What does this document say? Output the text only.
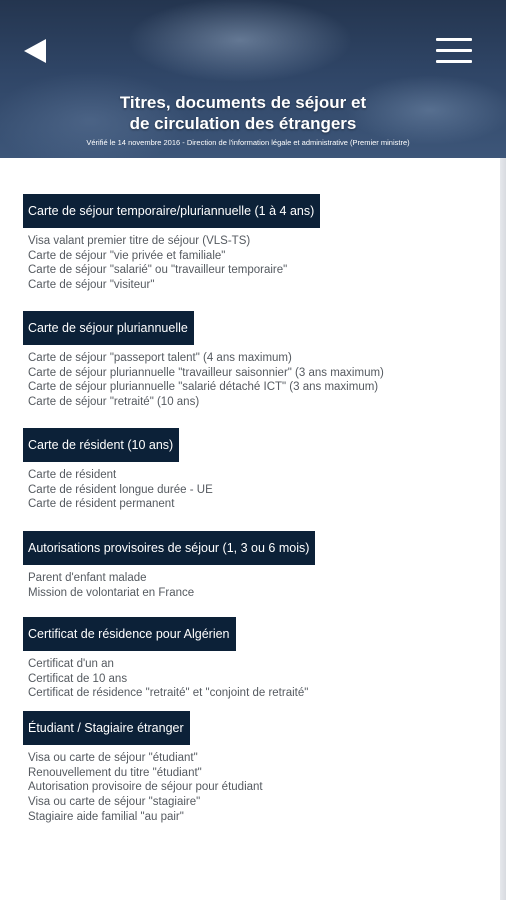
Titres, documents de séjour et
de circulation des étrangers
Vérifié le 14 novembre 2016 - Direction de l'information légale et administrative (Premier ministre)
Carte de séjour temporaire/pluriannuelle (1 à 4 ans)
Visa valant premier titre de séjour (VLS-TS)
Carte de séjour "vie privée et familiale"
Carte de séjour "salarié" ou "travailleur temporaire"
Carte de séjour "visiteur"
Carte de séjour pluriannuelle
Carte de séjour "passeport talent" (4 ans maximum)
Carte de séjour pluriannuelle "travailleur saisonnier" (3 ans maximum)
Carte de séjour pluriannuelle "salarié détaché ICT" (3 ans maximum)
Carte de séjour "retraité" (10 ans)
Carte de résident (10 ans)
Carte de résident
Carte de résident longue durée - UE
Carte de résident permanent
Autorisations provisoires de séjour (1, 3 ou 6 mois)
Parent d'enfant malade
Mission de volontariat en France
Certificat de résidence pour Algérien
Certificat d'un an
Certificat de 10 ans
Certificat de résidence "retraité" et "conjoint de retraité"
Étudiant / Stagiaire étranger
Visa ou carte de séjour "étudiant"
Renouvellement du titre "étudiant"
Autorisation provisoire de séjour pour étudiant
Visa ou carte de séjour "stagiaire"
Stagiaire aide familial "au pair"
